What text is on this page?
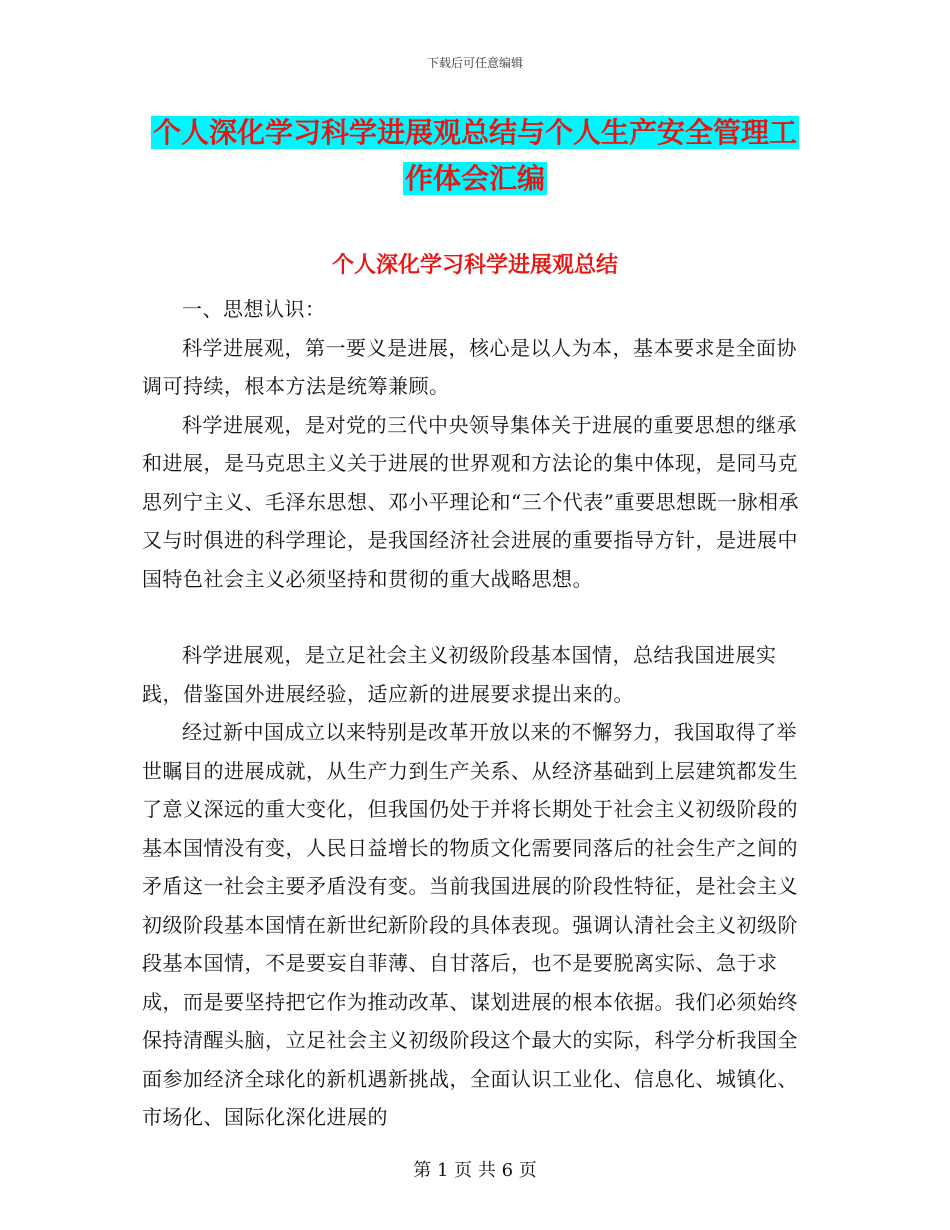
下载后可任意编辑
个人深化学习科学进展观总结与个人生产安全管理工
作体会汇编
个人深化学习科学进展观总结

一、思想认识：

科学进展观，第一要义是进展，核心是以人为本，基本要求是全面协调可持续，根本方法是统筹兼顾。

科学进展观，是对党的三代中央领导集体关于进展的重要思想的继承和进展，是马克思主义关于进展的世界观和方法论的集中体现，是同马克思列宁主义、毛泽东思想、邓小平理论和“三个代表”重要思想既一脉相承又与时俱进的科学理论，是我国经济社会进展的重要指导方针，是进展中国特色社会主义必须坚持和贯彻的重大战略思想。

科学进展观，是立足社会主义初级阶段基本国情，总结我国进展实践，借鉴国外进展经验，适应新的进展要求提出来的。

经过新中国成立以来特别是改革开放以来的不懈努力，我国取得了举世瞩目的进展成就，从生产力到生产关系、从经济基础到上层建筑都发生了意义深远的重大变化，但我国仍处于并将长期处于社会主义初级阶段的基本国情没有变，人民日益增长的物质文化需要同落后的社会生产之间的矛盾这一社会主要矛盾没有变。当前我国进展的阶段性特征，是社会主义初级阶段基本国情在新世纪新阶段的具体表现。强调认清社会主义初级阶段基本国情，不是要妄自菲薄、自甘落后，也不是要脱离实际、急于求成，而是要坚持把它作为推动改革、谋划进展的根本依据。我们必须始终保持清醒头脑，立足社会主义初级阶段这个最大的实际，科学分析我国全面参加经济全球化的新机遇新挑战，全面认识工业化、信息化、城镇化、市场化、国际化深化进展的

第 1 页 共 6 页
